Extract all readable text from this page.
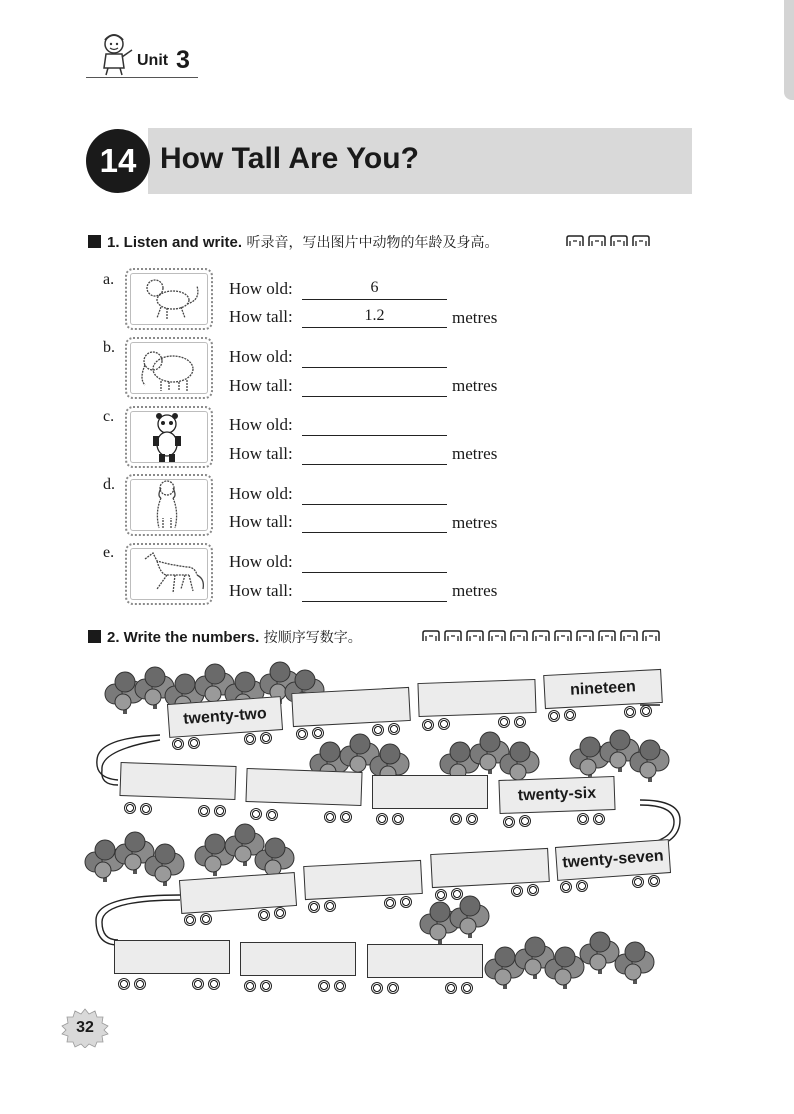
Unit 3
14 How Tall Are You?
1. Listen and write. 听录音，写出图片中动物的年龄及身高。
a.	How old:	6
How tall:	1.2	metres
b.	How old:
How tall:	metres
c.	How old:
How tall:	metres
d.	How old:
How tall:	metres
e.	How old:
How tall:	metres
2. Write the numbers. 按顺序写数字。
twenty-two
nineteen
twenty-six
twenty-seven
32
